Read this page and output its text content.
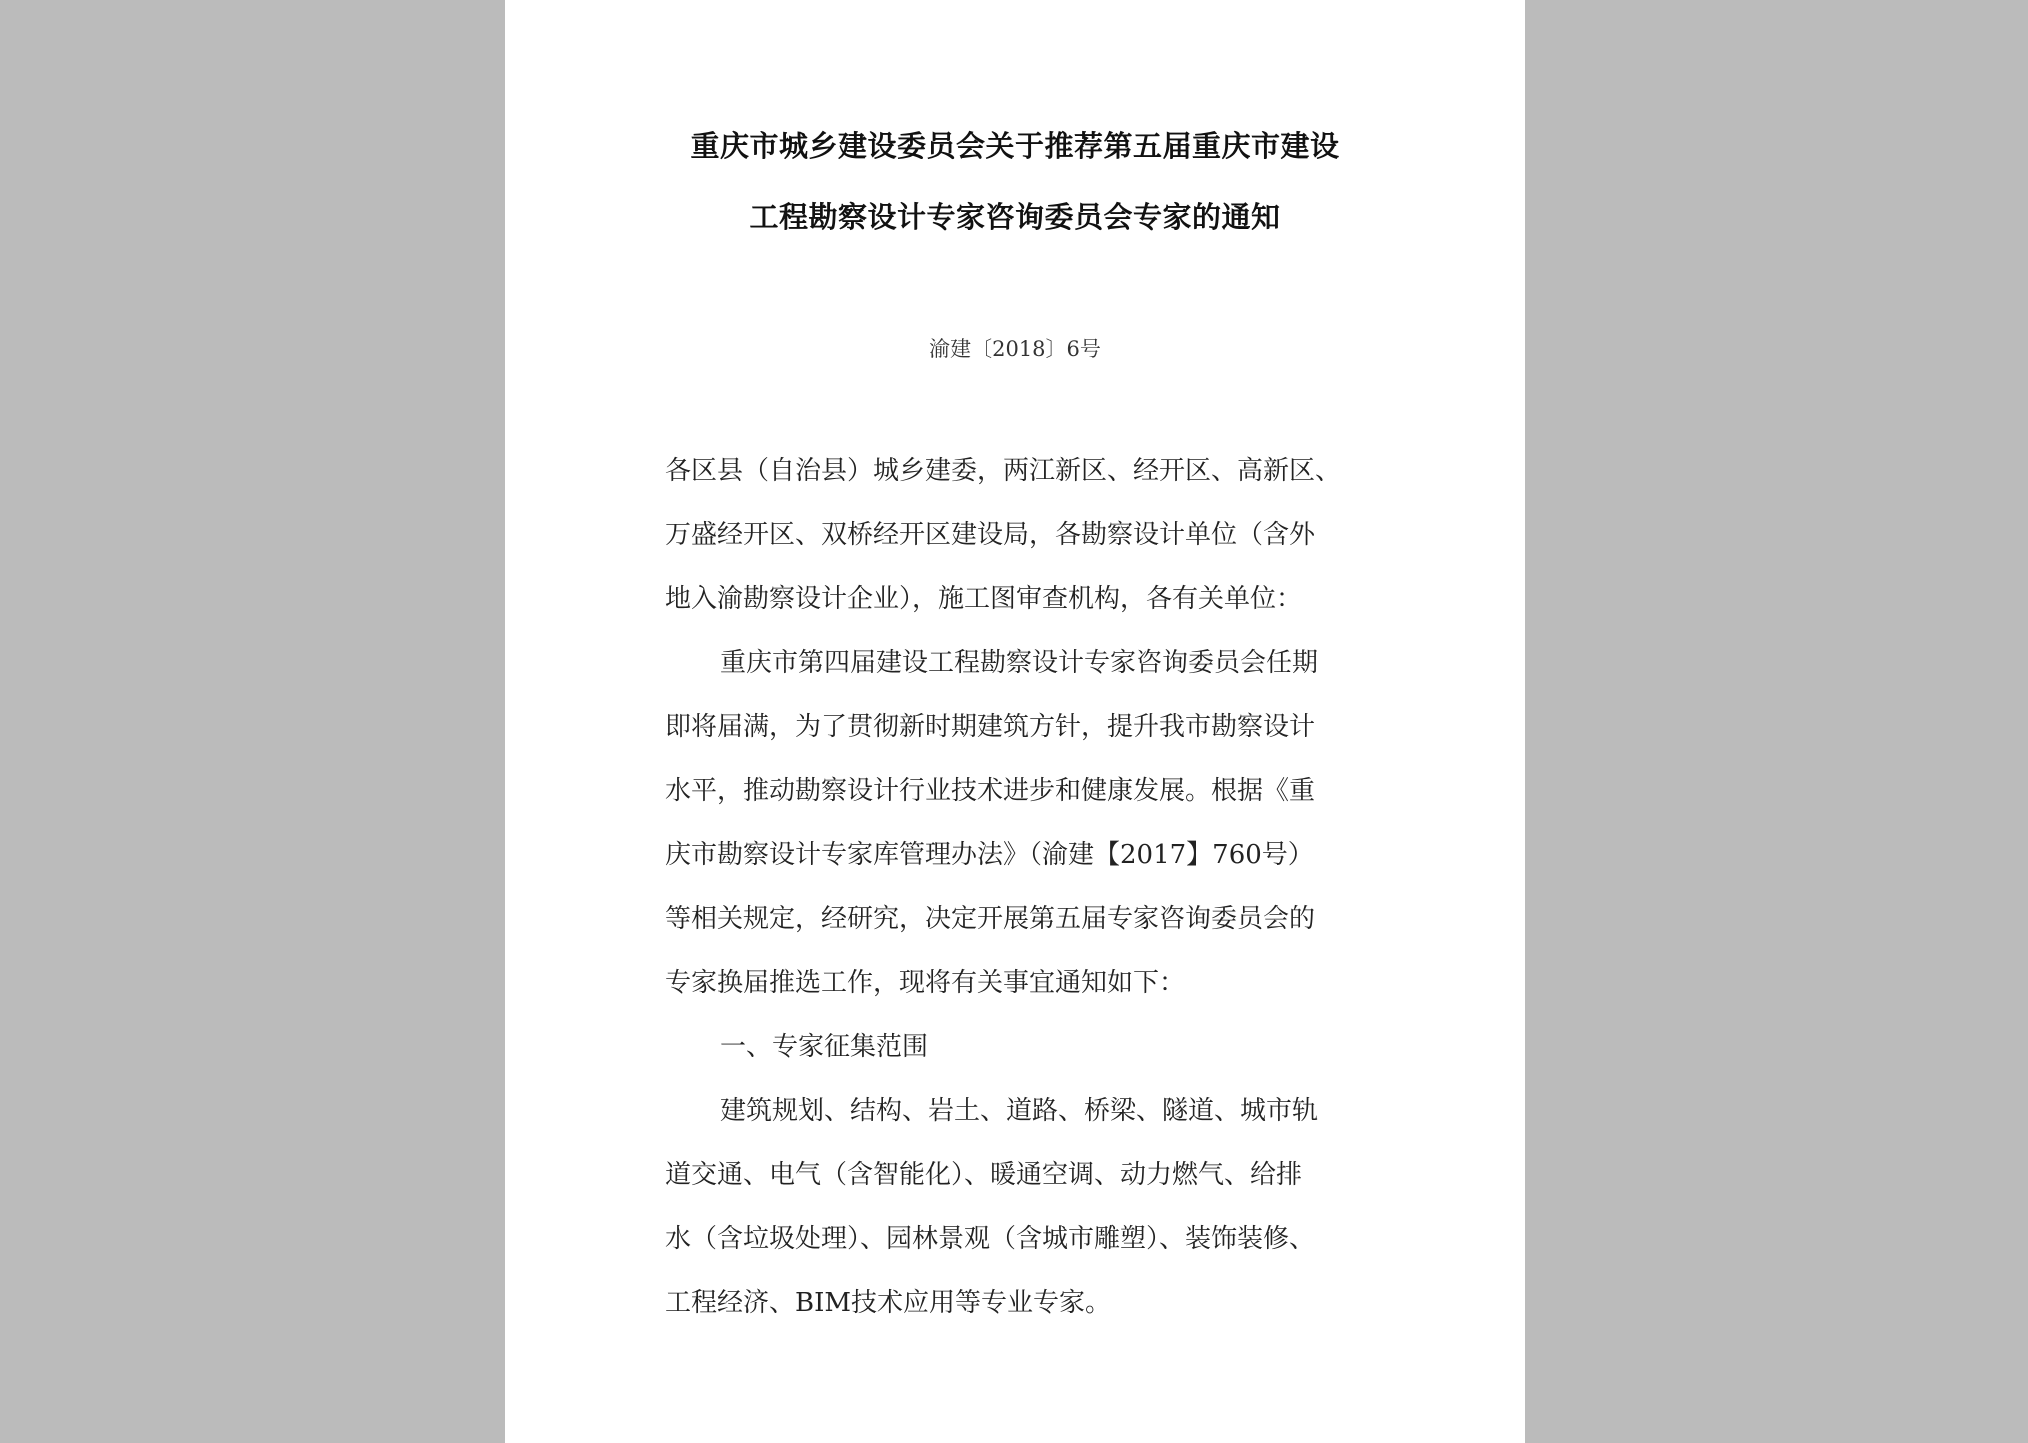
重庆市城乡建设委员会关于推荐第五届重庆市建设
工程勘察设计专家咨询委员会专家的通知
渝建〔2018〕6号
各区县（自治县）城乡建委，两江新区、经开区、高新区、
万盛经开区、双桥经开区建设局，各勘察设计单位（含外
地入渝勘察设计企业），施工图审查机构，各有关单位：
重庆市第四届建设工程勘察设计专家咨询委员会任期
即将届满，为了贯彻新时期建筑方针，提升我市勘察设计
水平，推动勘察设计行业技术进步和健康发展。根据《重
庆市勘察设计专家库管理办法》（渝建【2017】760号）
等相关规定，经研究，决定开展第五届专家咨询委员会的
专家换届推选工作，现将有关事宜通知如下：
一、专家征集范围
建筑规划、结构、岩土、道路、桥梁、隧道、城市轨
道交通、电气（含智能化）、暖通空调、动力燃气、给排
水（含垃圾处理）、园林景观（含城市雕塑）、装饰装修、
工程经济、BIM技术应用等专业专家。
